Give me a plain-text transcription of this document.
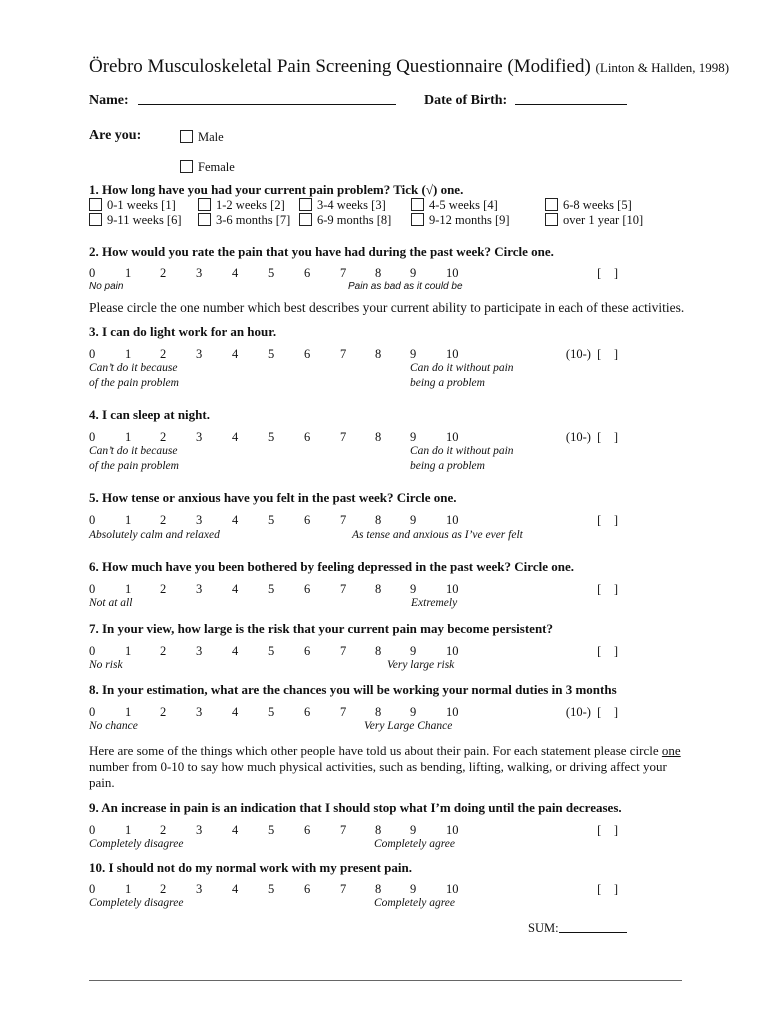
Örebro Musculoskeletal Pain Screening Questionnaire (Modified) (Linton & Hallden, 1998)
Name:	Date of Birth:
Are you:	Male
Female
1. How long have you had your current pain problem? Tick (√) one.
0-1 weeks [1]	1-2 weeks [2]	3-4 weeks [3]	4-5 weeks [4]	6-8 weeks [5]
9-11 weeks [6]	3-6 months [7]	6-9 months [8]	9-12 months [9]	over 1 year [10]
2. How would you rate the pain that you have had during the past week? Circle one.
0 1 2 3 4 5 6 7 8 9 10	[    ]
No pain	Pain as bad as it could be
Please circle the one number which best describes your current ability to participate in each of these activities.
3. I can do light work for an hour.
0 1 2 3 4 5 6 7 8 9 10	(10-)  [    ]
Can’t do it because
of the pain problem
Can do it without pain
being a problem
4. I can sleep at night.
0 1 2 3 4 5 6 7 8 9 10	(10-)  [    ]
Can’t do it because
of the pain problem
Can do it without pain
being a problem
5. How tense or anxious have you felt in the past week? Circle one.
0 1 2 3 4 5 6 7 8 9 10	[    ]
Absolutely calm and relaxed	As tense and anxious as I’ve ever felt
6. How much have you been bothered by feeling depressed in the past week? Circle one.
0 1 2 3 4 5 6 7 8 9 10	[    ]
Not at all	Extremely
7. In your view, how large is the risk that your current pain may become persistent?
0 1 2 3 4 5 6 7 8 9 10	[    ]
No risk	Very large risk
8. In your estimation, what are the chances you will be working your normal duties in 3 months
0 1 2 3 4 5 6 7 8 9 10	(10-)  [    ]
No chance	Very Large Chance
Here are some of the things which other people have told us about their pain. For each statement please circle one number from 0-10 to say how much physical activities, such as bending, lifting, walking, or driving affect your pain.
9. An increase in pain is an indication that I should stop what I’m doing until the pain decreases.
0 1 2 3 4 5 6 7 8 9 10	[    ]
Completely disagree	Completely agree
10. I should not do my normal work with my present pain.
0 1 2 3 4 5 6 7 8 9 10	[    ]
Completely disagree	Completely agree
SUM:
